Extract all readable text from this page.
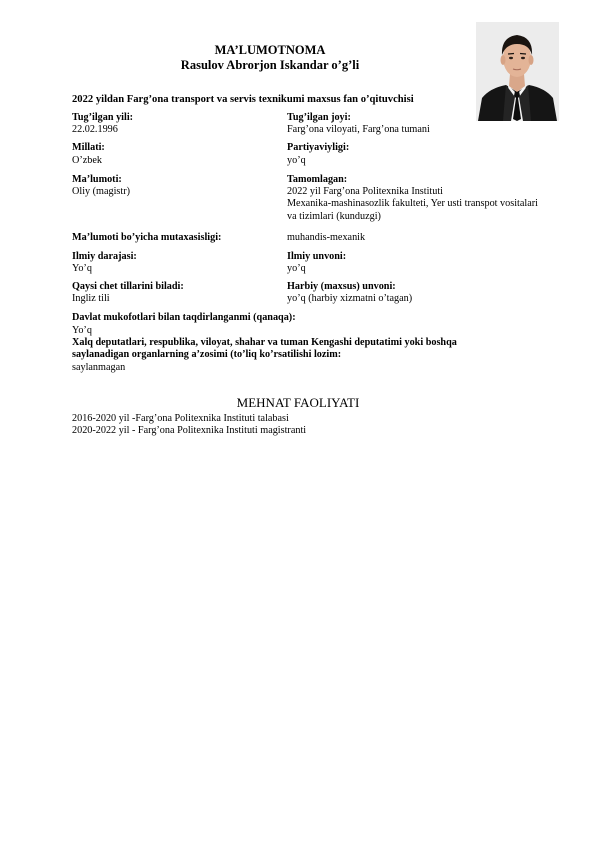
MA’LUMOTNOMA
Rasulov Abrorjon Iskandar o’g’li
2022 yildan Farg’ona transport va servis texnikumi maxsus fan o’qituvchisi
Tug’ilgan yili:
22.02.1996
Tug’ilgan joyi:
Farg’ona viloyati, Farg’ona tumani
Millati:
O’zbek
Partiyaviyligi:
yo’q
Ma’lumoti:
Oliy (magistr)
Tamomlagan:
2022 yil Farg’ona Politexnika Instituti
Mexanika-mashinasozlik fakulteti, Yer usti transpot vositalari
va tizimlari (kunduzgi)
Ma’lumoti bo’yicha mutaxasisligi:	muhandis-mexanik
Ilmiy darajasi:
Yo’q
Ilmiy unvoni:
yo’q
Qaysi chet tillarini biladi:
Ingliz tili
Harbiy (maxsus) unvoni:
yo’q (harbiy xizmatni o’tagan)
Davlat mukofotlari bilan taqdirlanganmi (qanaqa):
Yo’q
Xalq deputatlari, respublika, viloyat, shahar va tuman Kengashi deputatimi yoki boshqa
saylanadigan organlarning a’zosimi (to’liq ko’rsatilishi lozim:
saylanmagan
MEHNAT FAOLIYATI
2016-2020 yil -Farg’ona Politexnika Instituti talabasi
2020-2022 yil - Farg’ona Politexnika Instituti magistranti
